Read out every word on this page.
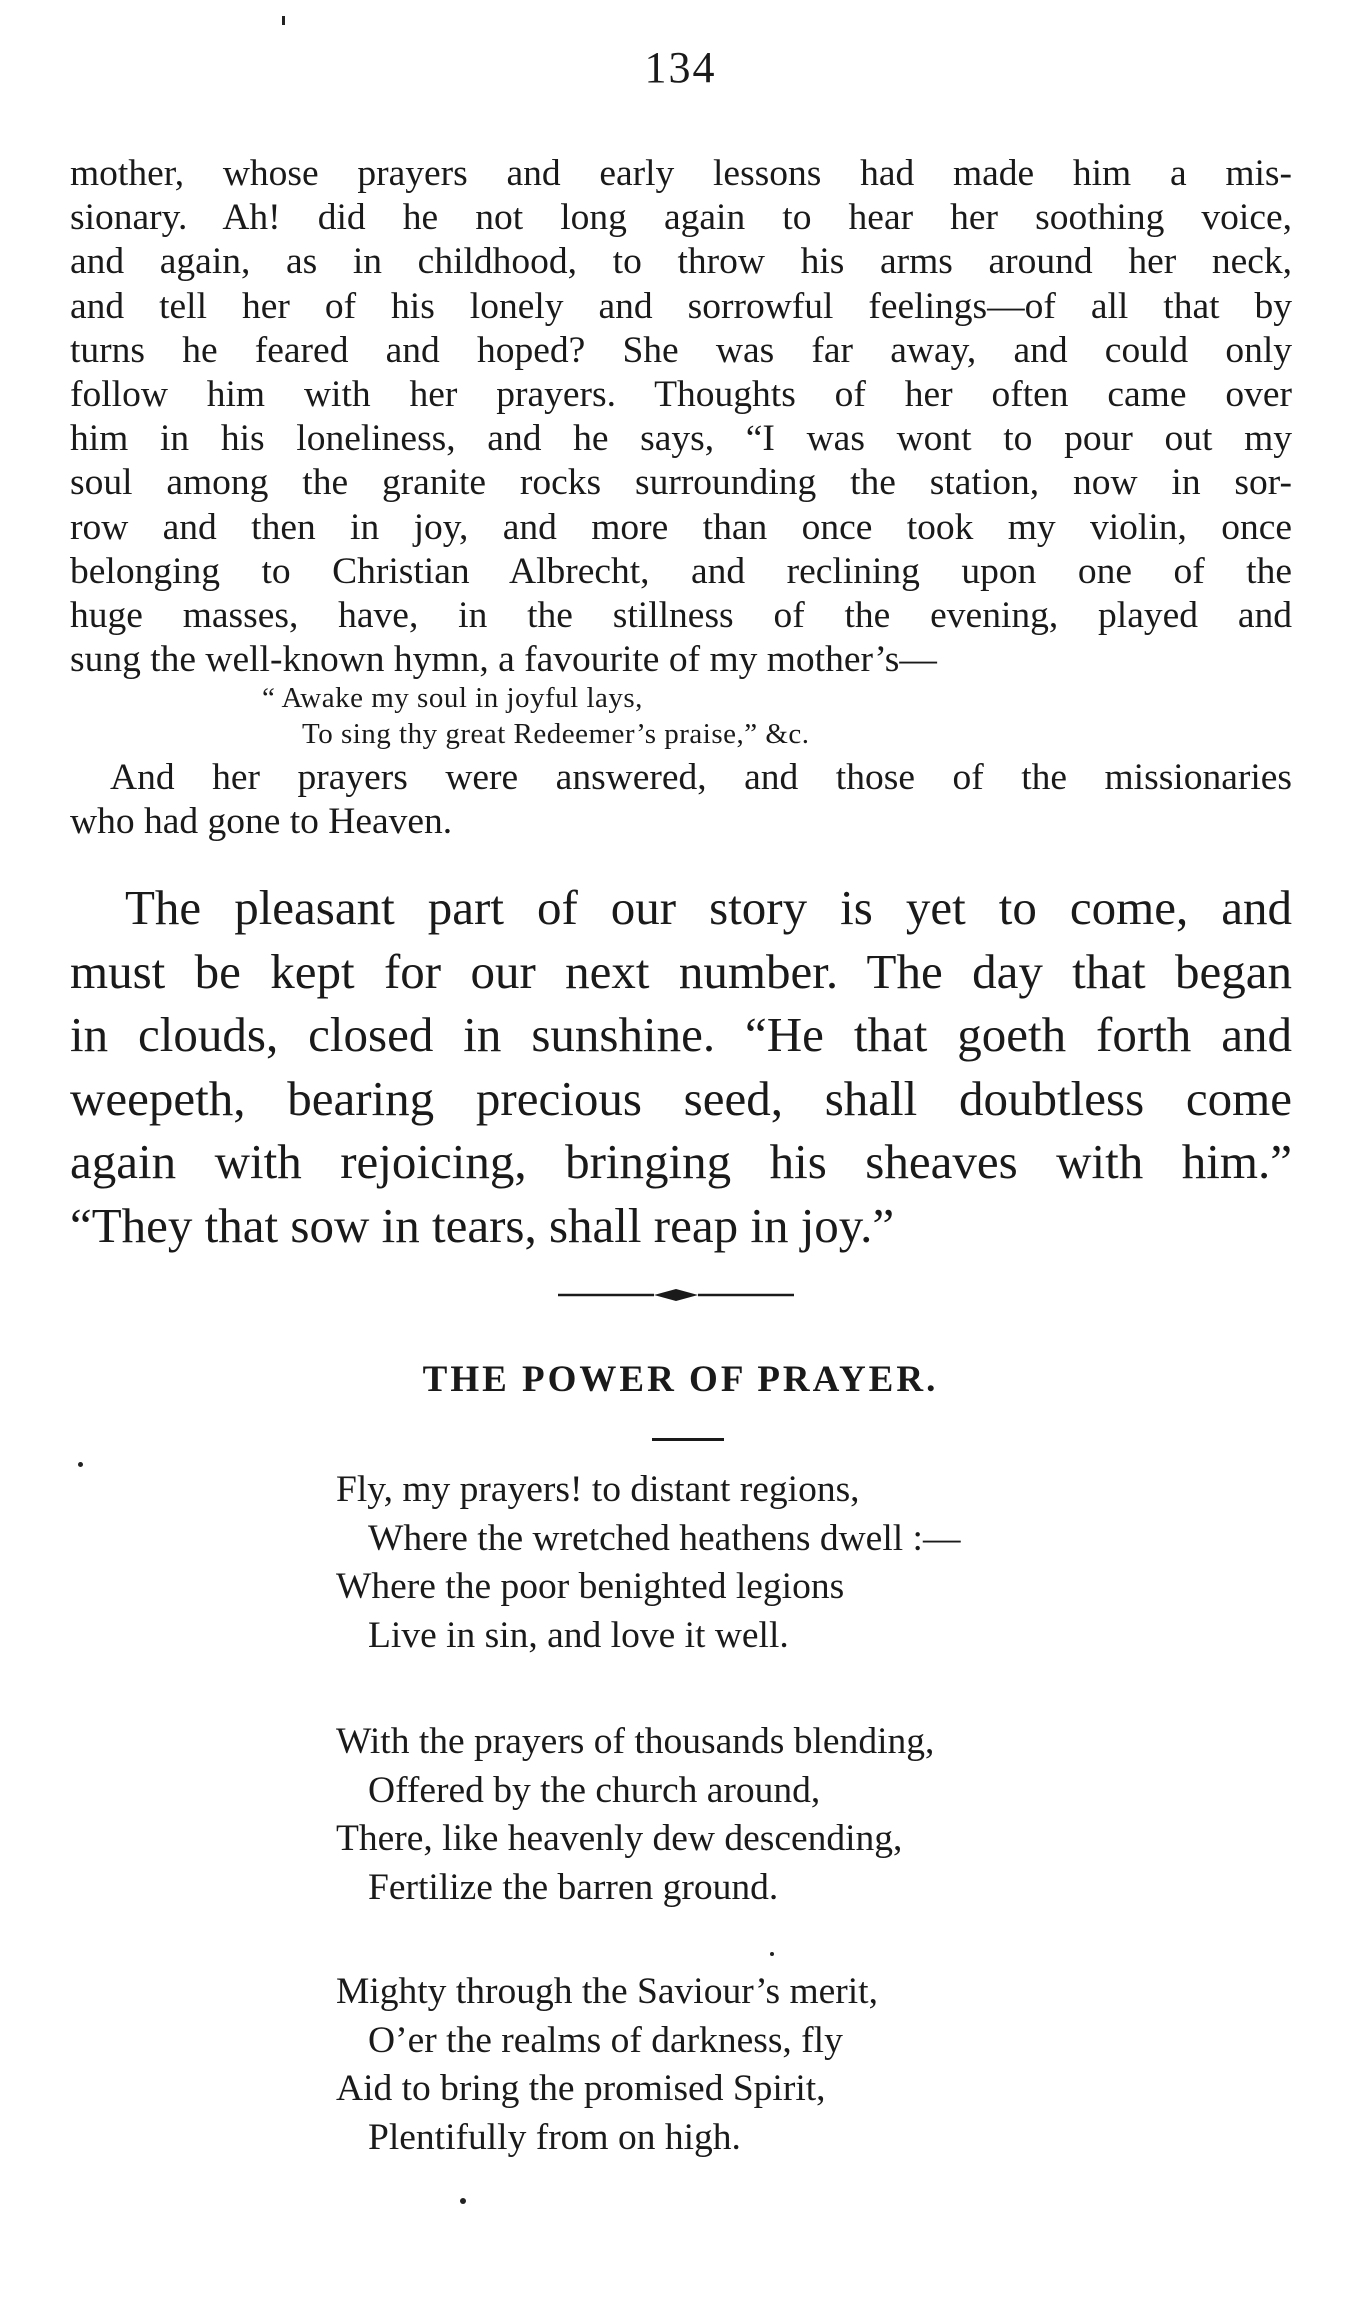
134
mother, whose prayers and early lessons had made him a mis-
sionary. Ah! did he not long again to hear her soothing voice,
and again, as in childhood, to throw his arms around her neck,
and tell her of his lonely and sorrowful feelings—of all that by
turns he feared and hoped? She was far away, and could only
follow him with her prayers. Thoughts of her often came over
him in his loneliness, and he says, “I was wont to pour out my
soul among the granite rocks surrounding the station, now in sor-
row and then in joy, and more than once took my violin, once
belonging to Christian Albrecht, and reclining upon one of the
huge masses, have, in the stillness of the evening, played and
sung the well-known hymn, a favourite of my mother’s—
“ Awake my soul in joyful lays,
To sing thy great Redeemer’s praise,” &c.
And her prayers were answered, and those of the missionaries
who had gone to Heaven.
The pleasant part of our story is yet to come, and
must be kept for our next number. The day that began
in clouds, closed in sunshine. “He that goeth forth and
weepeth, bearing precious seed, shall doubtless come
again with rejoicing, bringing his sheaves with him.”
“They that sow in tears, shall reap in joy.”
THE POWER OF PRAYER.
Fly, my prayers! to distant regions,
Where the wretched heathens dwell :—
Where the poor benighted legions
Live in sin, and love it well.
With the prayers of thousands blending,
Offered by the church around,
There, like heavenly dew descending,
Fertilize the barren ground.
Mighty through the Saviour’s merit,
O’er the realms of darkness, fly
Aid to bring the promised Spirit,
Plentifully from on high.
